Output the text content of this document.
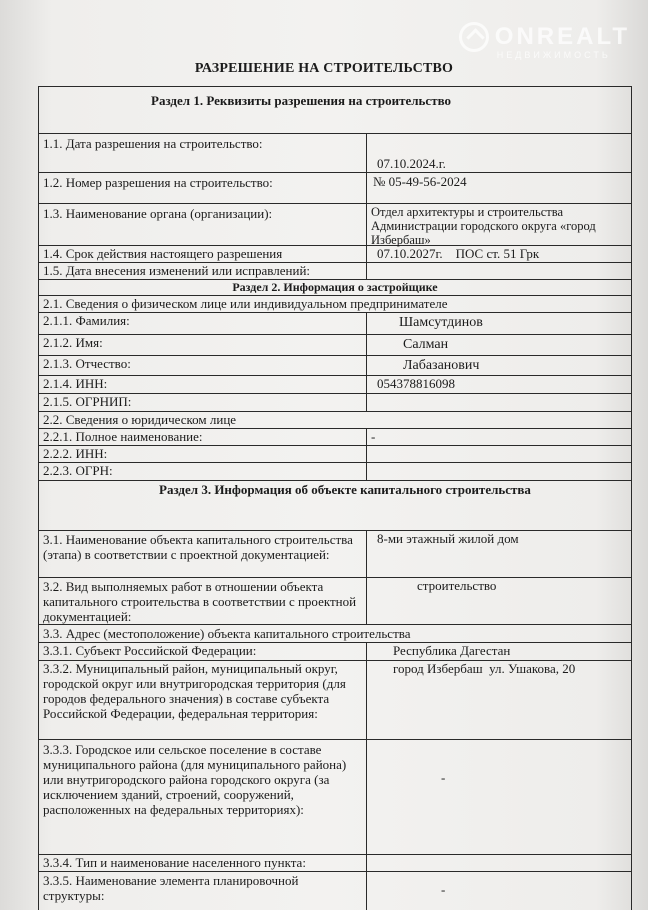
ONREALT
НЕДВИЖИМОСТЬ
РАЗРЕШЕНИЕ НА СТРОИТЕЛЬСТВО
Раздел 1. Реквизиты разрешения на строительство
1.1. Дата разрешения на строительство:
07.10.2024.г.
1.2. Номер разрешения на строительство:	№ 05-49-56-2024
1.3. Наименование органа (организации):	Отдел архитектуры и строительства Администрации городского округа «город Избербаш»
1.4. Срок действия настоящего разрешения	07.10.2027г.    ПОС ст. 51 Грк
1.5. Дата внесения изменений или исправлений:
Раздел 2. Информация о застройщике
2.1. Сведения о физическом лице или индивидуальном предпринимателе
2.1.1. Фамилия:	Шамсутдинов
2.1.2. Имя:	Салман
2.1.3. Отчество:	Лабазанович
2.1.4. ИНН:	054378816098
2.1.5. ОГРНИП:
2.2. Сведения о юридическом лице
2.2.1. Полное наименование:	-
2.2.2. ИНН:
2.2.3. ОГРН:
Раздел 3. Информация об объекте капитального строительства
3.1. Наименование объекта капитального строительства (этапа) в соответствии с проектной документацией:
8-ми этажный жилой дом
3.2. Вид выполняемых работ в отношении объекта капитального строительства в соответствии с проектной документацией:
строительство
3.3. Адрес (местоположение) объекта капитального строительства
3.3.1. Субъект Российской Федерации:	Республика Дагестан
3.3.2. Муниципальный район, муниципальный округ, городской округ или внутригородская территория (для городов федерального значения) в составе субъекта Российской Федерации, федеральная территория:
город Избербаш  ул. Ушакова, 20
3.3.3. Городское или сельское поселение в составе муниципального района (для муниципального района) или внутригородского района городского округа (за исключением зданий, строений, сооружений, расположенных на федеральных территориях):
-
3.3.4. Тип и наименование населенного пункта:
3.3.5. Наименование элемента планировочной структуры:	-
